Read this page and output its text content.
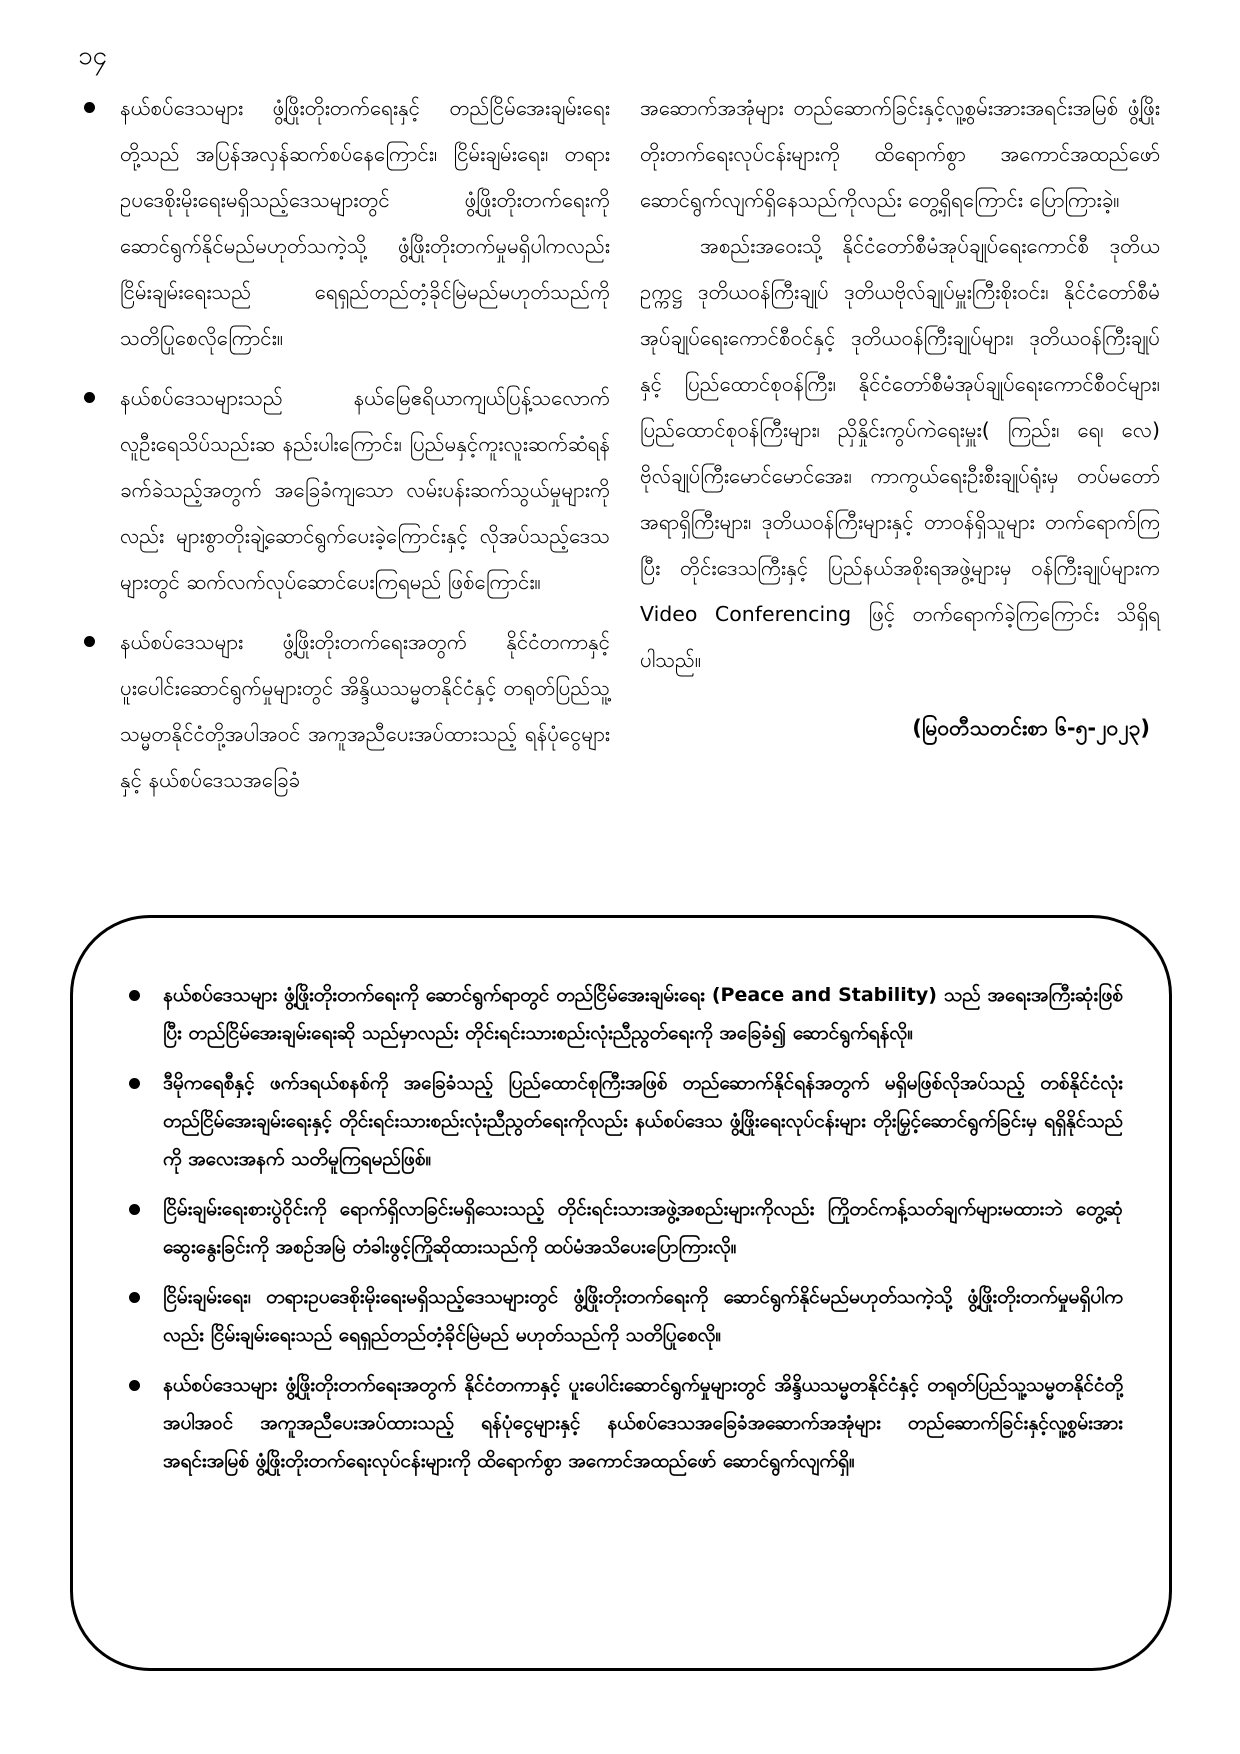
၁၄
နယ်စပ်ဒေသများ ဖွံ့ဖြိုးတိုးတက်ရေးနှင့် တည်ငြိမ်အေးချမ်းရေးတို့သည် အပြန်အလှန်ဆက်စပ်နေကြောင်း၊ ငြိမ်းချမ်းရေး၊ တရားဥပဒေစိုးမိုးရေးမရှိသည့်ဒေသများတွင် ဖွံ့ဖြိုးတိုးတက်ရေးကို ဆောင်ရွက်နိုင်မည်မဟုတ်သကဲ့သို့ ဖွံ့ဖြိုးတိုးတက်မှုမရှိပါကလည်း ငြိမ်းချမ်းရေးသည် ရေရှည်တည်တံ့ခိုင်မြဲမည်မဟုတ်သည်ကို သတိပြုစေလိုကြောင်း။
နယ်စပ်ဒေသများသည် နယ်မြေဧရိယာကျယ်ပြန့်သလောက် လူဦးရေသိပ်သည်းဆ နည်းပါးကြောင်း၊ ပြည်မနှင့်ကူးလူးဆက်ဆံရန် ခက်ခဲသည့်အတွက် အခြေခံကျသော လမ်းပန်းဆက်သွယ်မှုများကိုလည်း များစွာတိုးချဲ့ဆောင်ရွက်ပေးခဲ့ကြောင်းနှင့် လိုအပ်သည့်ဒေသများတွင် ဆက်လက်လုပ်ဆောင်ပေးကြရမည် ဖြစ်ကြောင်း။
နယ်စပ်ဒေသများ ဖွံ့ဖြိုးတိုးတက်ရေးအတွက် နိုင်ငံတကာနှင့် ပူးပေါင်းဆောင်ရွက်မှုများတွင် အိန္ဒိယသမ္မတနိုင်ငံနှင့် တရုတ်ပြည်သူ့သမ္မတနိုင်ငံတို့အပါအဝင် အကူအညီပေးအပ်ထားသည့် ရန်ပုံငွေများနှင့် နယ်စပ်ဒေသအခြေခံ

အဆောက်အအုံများ တည်ဆောက်ခြင်းနှင့်လူ့စွမ်းအားအရင်းအမြစ် ဖွံ့ဖြိုးတိုးတက်ရေးလုပ်ငန်းများကို ထိရောက်စွာ အကောင်အထည်ဖော် ဆောင်ရွက်လျက်ရှိနေသည်ကိုလည်း တွေ့ရှိရကြောင်း ပြောကြားခဲ့။

အစည်းအဝေးသို့ နိုင်ငံတော်စီမံအုပ်ချုပ်ရေးကောင်စီ ဒုတိယဥက္ကဋ္ဌ ဒုတိယဝန်ကြီးချုပ် ဒုတိယဗိုလ်ချုပ်မှူးကြီးစိုးဝင်း၊ နိုင်ငံတော်စီမံအုပ်ချုပ်ရေးကောင်စီဝင်နှင့် ဒုတိယဝန်ကြီးချုပ်များ၊ ဒုတိယဝန်ကြီးချုပ်နှင့် ပြည်ထောင်စုဝန်ကြီး၊ နိုင်ငံတော်စီမံအုပ်ချုပ်ရေးကောင်စီဝင်များ၊ ပြည်ထောင်စုဝန်ကြီးများ၊ ညှိနှိုင်းကွပ်ကဲရေးမှူး( ကြည်း၊ ရေ၊ လေ) ဗိုလ်ချုပ်ကြီးမောင်မောင်အေး၊ ကာကွယ်ရေးဦးစီးချုပ်ရုံးမှ တပ်မတော်အရာရှိကြီးများ၊ ဒုတိယဝန်ကြီးများနှင့် တာဝန်ရှိသူများ တက်ရောက်ကြပြီး တိုင်းဒေသကြီးနှင့် ပြည်နယ်အစိုးရအဖွဲ့များမှ ဝန်ကြီးချုပ်များက Video Conferencing ဖြင့် တက်ရောက်ခဲ့ကြကြောင်း သိရှိရပါသည်။

(မြဝတီသတင်းစာ ၆-၅-၂၀၂၃)
နယ်စပ်ဒေသများ ဖွံ့ဖြိုးတိုးတက်ရေးကို ဆောင်ရွက်ရာတွင် တည်ငြိမ်အေးချမ်းရေး (Peace and Stability) သည် အရေးအကြီးဆုံးဖြစ်ပြီး တည်ငြိမ်အေးချမ်းရေးဆို သည်မှာလည်း တိုင်းရင်းသားစည်းလုံးညီညွတ်ရေးကို အခြေခံ၍ ဆောင်ရွက်ရန်လို။
ဒီမိုကရေစီနှင့် ဖက်ဒရယ်စနစ်ကို အခြေခံသည့် ပြည်ထောင်စုကြီးအဖြစ် တည်ဆောက်နိုင်ရန်အတွက် မရှိမဖြစ်လိုအပ်သည့် တစ်နိုင်ငံလုံးတည်ငြိမ်အေးချမ်းရေးနှင့် တိုင်းရင်းသားစည်းလုံးညီညွတ်ရေးကိုလည်း နယ်စပ်ဒေသ ဖွံ့ဖြိုးရေးလုပ်ငန်းများ တိုးမြှင့်ဆောင်ရွက်ခြင်းမှ ရရှိနိုင်သည်ကို အလေးအနက် သတိမူကြရမည်ဖြစ်။
ငြိမ်းချမ်းရေးစားပွဲဝိုင်းကို ရောက်ရှိလာခြင်းမရှိသေးသည့် တိုင်းရင်းသားအဖွဲ့အစည်းများကိုလည်း ကြိုတင်ကန့်သတ်ချက်များမထားဘဲ တွေ့ဆုံဆွေးနွေးခြင်းကို အစဉ်အမြဲ တံခါးဖွင့်ကြိုဆိုထားသည်ကို ထပ်မံအသိပေးပြောကြားလို။
ငြိမ်းချမ်းရေး၊ တရားဥပဒေစိုးမိုးရေးမရှိသည့်ဒေသများတွင် ဖွံ့ဖြိုးတိုးတက်ရေးကို ဆောင်ရွက်နိုင်မည်မဟုတ်သကဲ့သို့ ဖွံ့ဖြိုးတိုးတက်မှုမရှိပါကလည်း ငြိမ်းချမ်းရေးသည် ရေရှည်တည်တံ့ခိုင်မြဲမည် မဟုတ်သည်ကို သတိပြုစေလို။
နယ်စပ်ဒေသများ ဖွံ့ဖြိုးတိုးတက်ရေးအတွက် နိုင်ငံတကာနှင့် ပူးပေါင်းဆောင်ရွက်မှုများတွင် အိန္ဒိယသမ္မတနိုင်ငံနှင့် တရုတ်ပြည်သူ့သမ္မတနိုင်ငံတို့အပါအဝင် အကူအညီပေးအပ်ထားသည့် ရန်ပုံငွေများနှင့် နယ်စပ်ဒေသအခြေခံအဆောက်အအုံများ တည်ဆောက်ခြင်းနှင့်လူ့စွမ်းအားအရင်းအမြစ် ဖွံ့ဖြိုးတိုးတက်ရေးလုပ်ငန်းများကို ထိရောက်စွာ အကောင်အထည်ဖော် ဆောင်ရွက်လျက်ရှိ။
